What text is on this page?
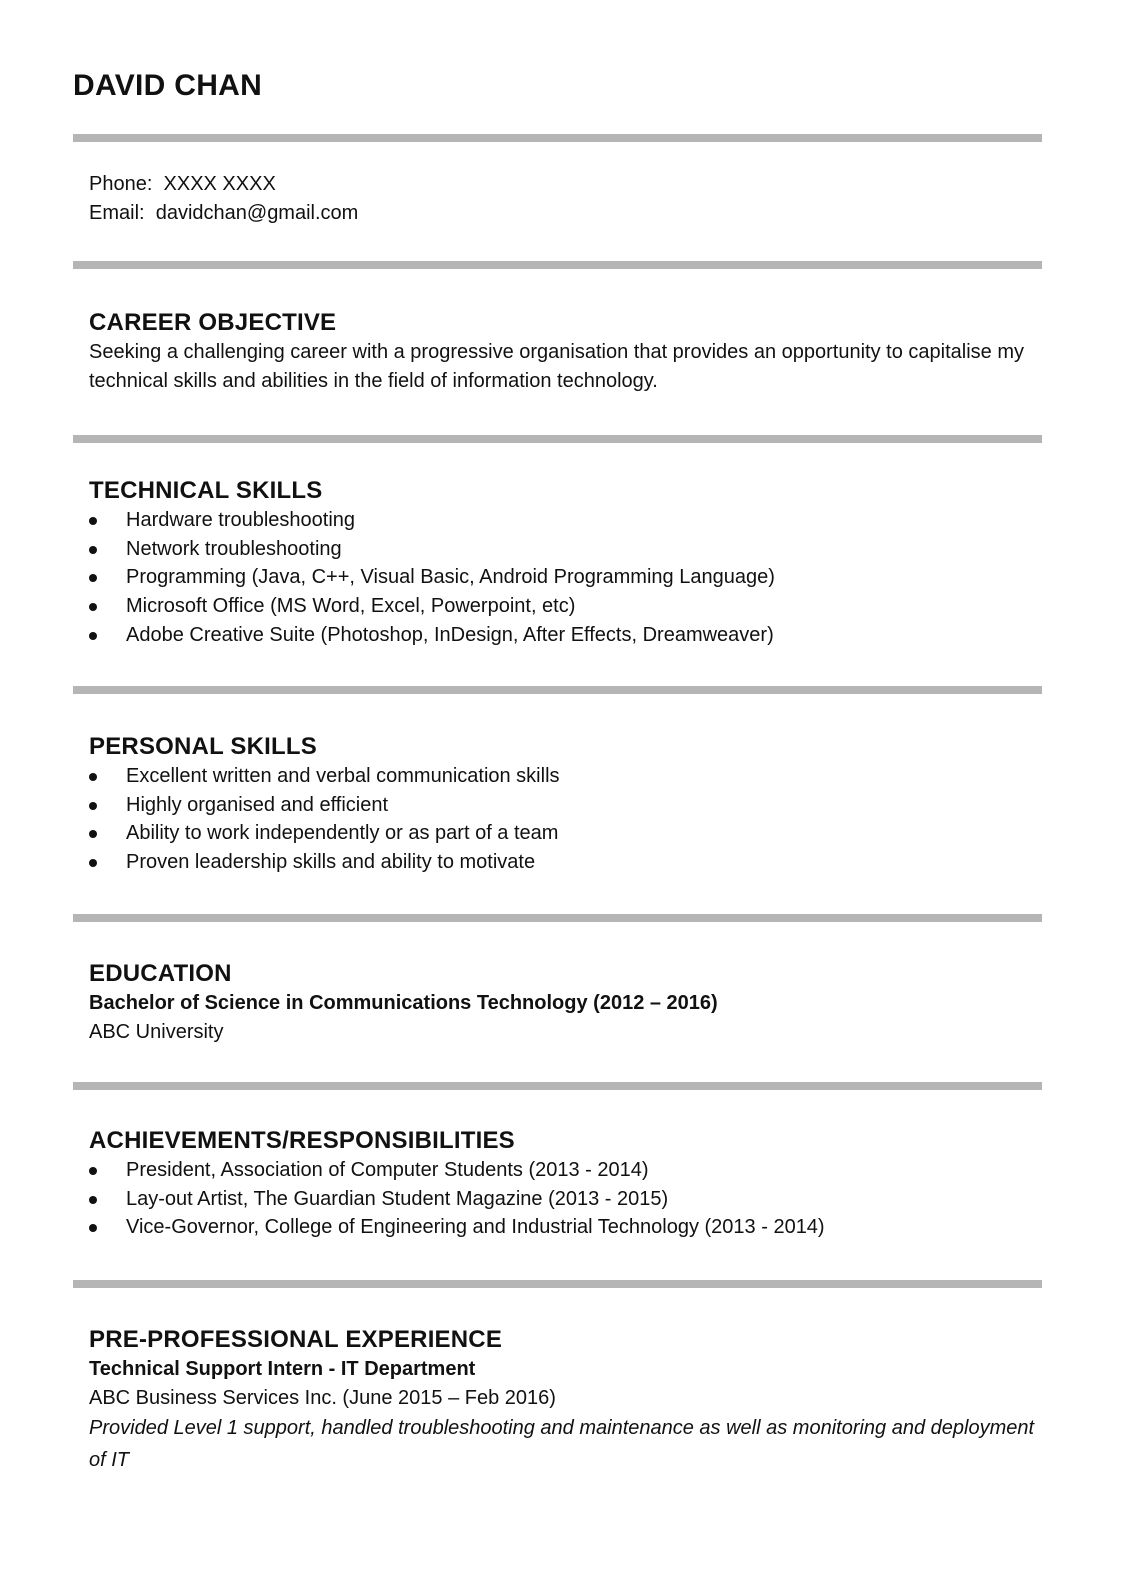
DAVID CHAN
Phone: XXXX XXXX
Email: davidchan@gmail.com
CAREER OBJECTIVE

Seeking a challenging career with a progressive organisation that provides an opportunity to capitalise my technical skills and abilities in the field of information technology.

TECHNICAL SKILLS
Hardware troubleshooting
Network troubleshooting
Programming (Java, C++, Visual Basic, Android Programming Language)
Microsoft Office (MS Word, Excel, Powerpoint, etc)
Adobe Creative Suite (Photoshop, InDesign, After Effects, Dreamweaver)
PERSONAL SKILLS
Excellent written and verbal communication skills
Highly organised and efficient
Ability to work independently or as part of a team
Proven leadership skills and ability to motivate
EDUCATION
Bachelor of Science in Communications Technology (2012 – 2016)
ABC University
ACHIEVEMENTS/RESPONSIBILITIES
President, Association of Computer Students (2013 - 2014)
Lay-out Artist, The Guardian Student Magazine (2013 - 2015)
Vice-Governor, College of Engineering and Industrial Technology (2013 - 2014)
PRE-PROFESSIONAL EXPERIENCE
Technical Support Intern - IT Department
ABC Business Services Inc. (June 2015 – Feb 2016)

Provided Level 1 support, handled troubleshooting and maintenance as well as monitoring and deployment of IT
